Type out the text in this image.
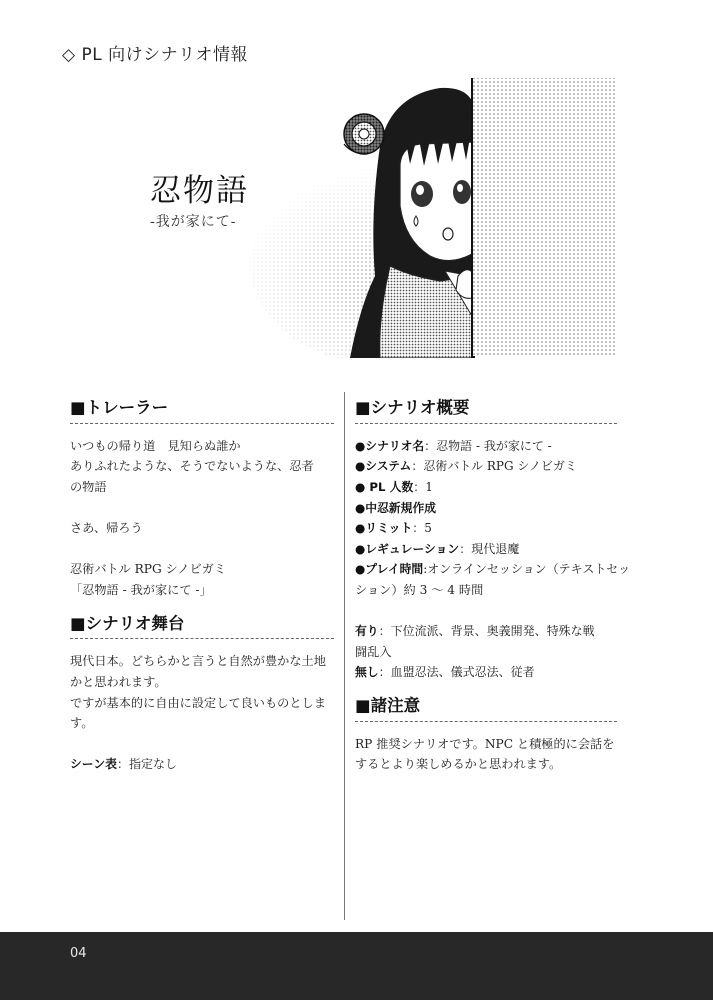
◇ PL 向けシナリオ情報
忍物語
-我が家にて-
■トレーラー
いつもの帰り道　見知らぬ誰か
ありふれたような、そうでないような、忍者
の物語
さあ、帰ろう
忍術バトル RPG シノビガミ
「忍物語 - 我が家にて -」
■シナリオ舞台
現代日本。どちらかと言うと自然が豊かな土地
かと思われます。
ですが基本的に自由に設定して良いものとしま
す。
シーン表：指定なし
■シナリオ概要
●シナリオ名：忍物語 - 我が家にて -
●システム：忍術バトル RPG シノビガミ
● PL 人数：1
●中忍新規作成
●リミット：5
●レギュレーション：現代退魔
●プレイ時間:オンラインセッション（テキストセッ
ション）約 3 ～ 4 時間
有り：下位流派、背景、奥義開発、特殊な戦
闘乱入
無し：血盟忍法、儀式忍法、従者
■諸注意
RP 推奨シナリオです。NPC と積極的に会話を
するとより楽しめるかと思われます。
04
